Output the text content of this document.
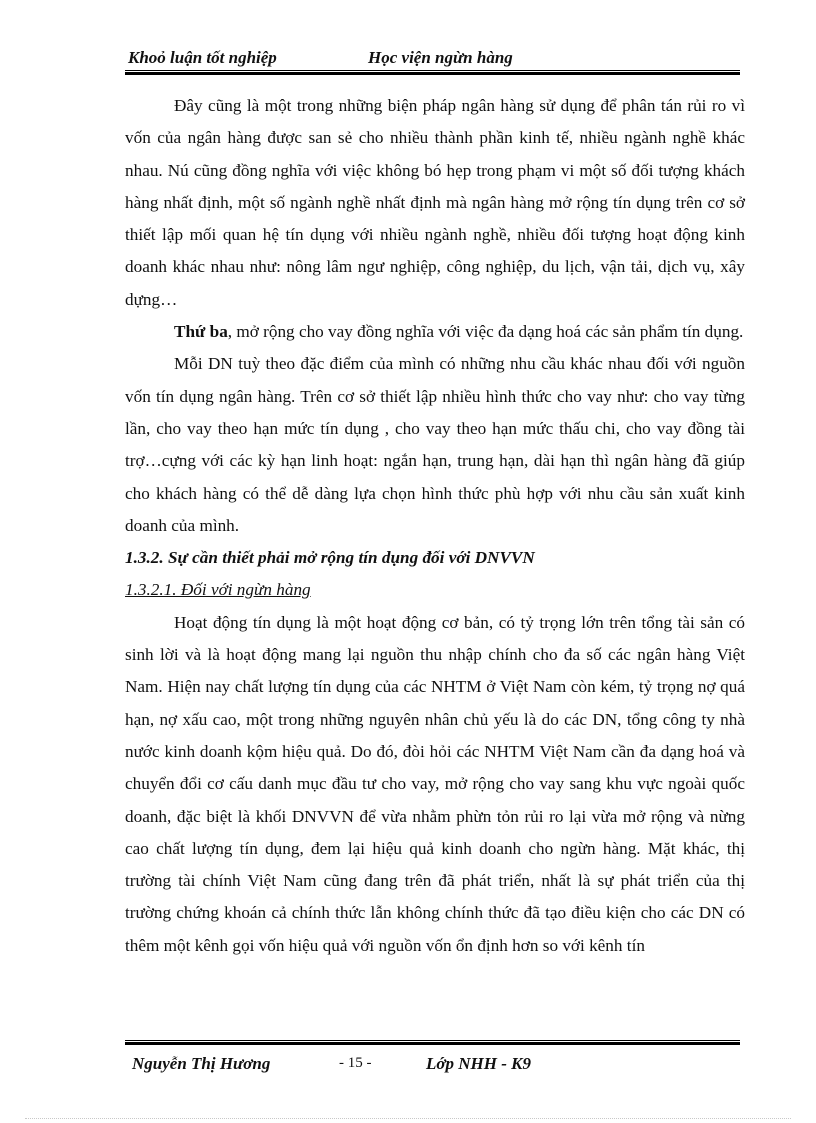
Khoỏ luận tốt nghiệp	Học viện ngừn hàng

Đây cũng là một trong những biện pháp ngân hàng sử dụng để phân tán rủi ro vì vốn của ngân hàng được san sẻ cho nhiều thành phần kinh tế, nhiều ngành nghề khác nhau. Nú cũng đồng nghĩa với việc không bó hẹp trong phạm vi một số đối tượng khách hàng nhất định, một số ngành nghề nhất định mà ngân hàng mở rộng tín dụng trên cơ sở thiết lập mối quan hệ tín dụng với nhiều ngành nghề, nhiều đối tượng hoạt động kinh doanh khác nhau như: nông lâm ngư nghiệp, công nghiệp, du lịch, vận tải, dịch vụ, xây dựng…

Thứ ba, mở rộng cho vay đồng nghĩa với việc đa dạng hoá các sản phẩm tín dụng.

Mỗi DN tuỳ theo đặc điểm của mình có những nhu cầu khác nhau đối với nguồn vốn tín dụng ngân hàng. Trên cơ sở thiết lập nhiều hình thức cho vay như: cho vay từng lần, cho vay theo hạn mức tín dụng , cho vay theo hạn mức thấu chi, cho vay đồng tài trợ…cựng với các kỳ hạn linh hoạt: ngắn hạn, trung hạn, dài hạn thì ngân hàng đã giúp cho khách hàng có thể dễ dàng lựa chọn hình thức phù hợp với nhu cầu sản xuất kinh doanh của mình.

1.3.2. Sự cần thiết phải mở rộng tín dụng đối với DNVVN

1.3.2.1. Đối với ngừn hàng

Hoạt động tín dụng là một hoạt động cơ bản, có tỷ trọng lớn trên tổng tài sản có sinh lời và là hoạt động mang lại nguồn thu nhập chính cho đa số các ngân hàng Việt Nam. Hiện nay chất lượng tín dụng của các NHTM ở Việt Nam còn kém, tỷ trọng nợ quá hạn, nợ xấu cao, một trong những nguyên nhân chủ yếu là do các DN, tổng công ty nhà nước kinh doanh kộm hiệu quả. Do đó, đòi hỏi các NHTM Việt Nam cần đa dạng hoá và chuyển đổi cơ cấu danh mục đầu tư cho vay, mở rộng cho vay sang khu vực ngoài quốc doanh, đặc biệt là khối DNVVN để vừa nhằm phừn tỏn rủi ro lại vừa mở rộng và nừng cao chất lượng tín dụng, đem lại hiệu quả kinh doanh cho ngừn hàng. Mặt khác, thị trường tài chính Việt Nam cũng đang trên đã phát triển, nhất là sự phát triển của thị trường chứng khoán cả chính thức lẫn không chính thức đã tạo điều kiện cho các DN có thêm một kênh gọi vốn hiệu quả với nguồn vốn ổn định hơn so với kênh tín

Nguyễn Thị Hương	- 15 -	Lớp NHH - K9
